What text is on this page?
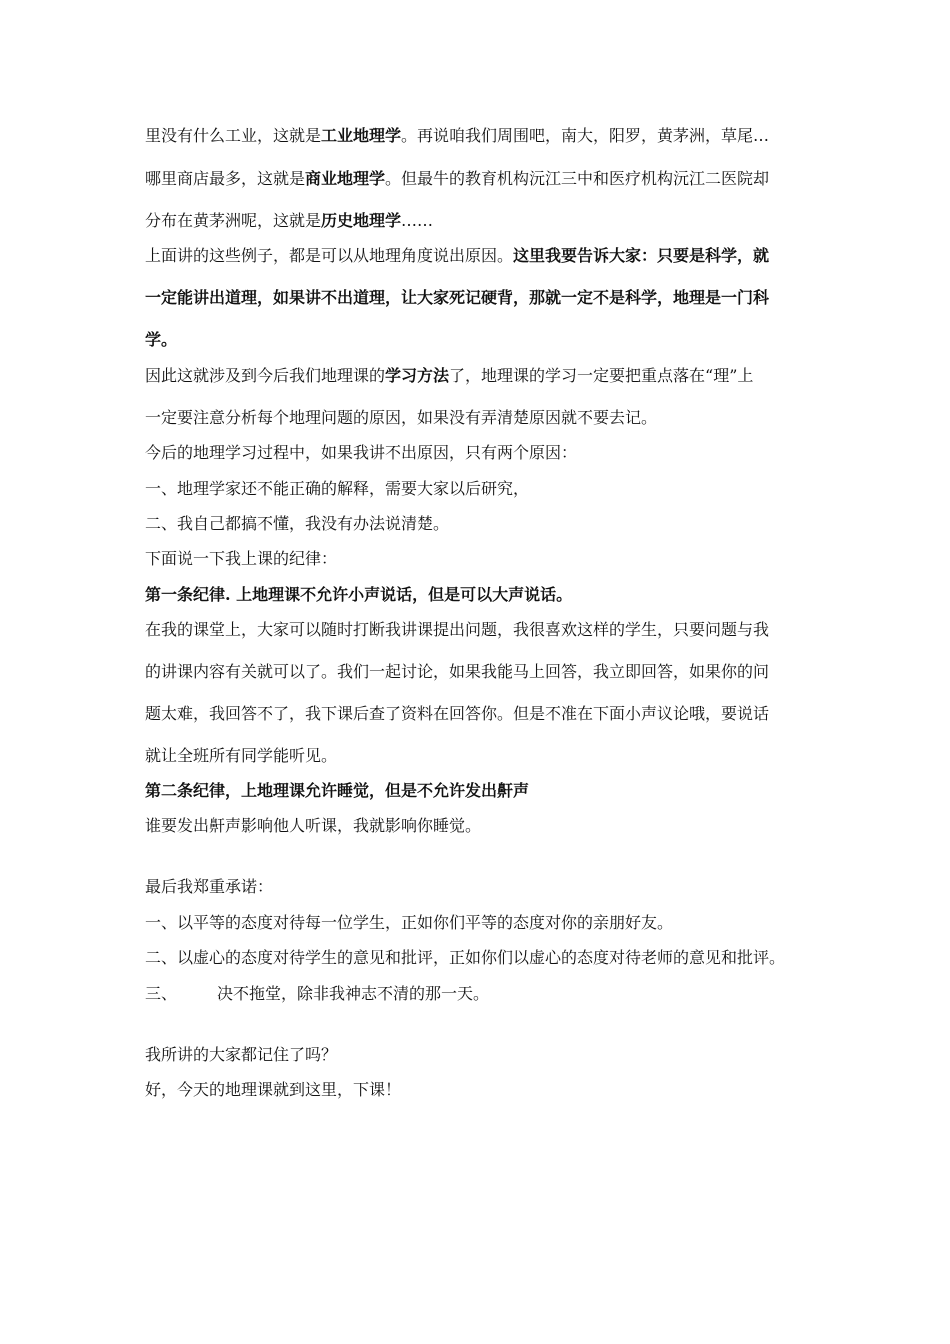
里没有什么工业，这就是工业地理学。再说咱我们周围吧，南大，阳罗，黄茅洲，草尾…
哪里商店最多，这就是商业地理学。但最牛的教育机构沅江三中和医疗机构沅江二医院却
分布在黄茅洲呢，这就是历史地理学……
上面讲的这些例子，都是可以从地理角度说出原因。这里我要告诉大家：只要是科学，就
一定能讲出道理，如果讲不出道理，让大家死记硬背，那就一定不是科学，地理是一门科
学。
因此这就涉及到今后我们地理课的学习方法了，地理课的学习一定要把重点落在“理”上
一定要注意分析每个地理问题的原因，如果没有弄清楚原因就不要去记。
今后的地理学习过程中，如果我讲不出原因，只有两个原因：
一、地理学家还不能正确的解释，需要大家以后研究，
二、我自己都搞不懂，我没有办法说清楚。
下面说一下我上课的纪律：
第一条纪律. 上地理课不允许小声说话，但是可以大声说话。
在我的课堂上，大家可以随时打断我讲课提出问题，我很喜欢这样的学生，只要问题与我
的讲课内容有关就可以了。我们一起讨论，如果我能马上回答，我立即回答，如果你的问
题太难，我回答不了，我下课后查了资料在回答你。但是不准在下面小声议论哦，要说话
就让全班所有同学能听见。
第二条纪律，上地理课允许睡觉，但是不允许发出鼾声
谁要发出鼾声影响他人听课，我就影响你睡觉。
最后我郑重承诺：
一、以平等的态度对待每一位学生，正如你们平等的态度对你的亲朋好友。
二、以虚心的态度对待学生的意见和批评，正如你们以虚心的态度对待老师的意见和批评。
三、	决不拖堂，除非我神志不清的那一天。
我所讲的大家都记住了吗？
好，今天的地理课就到这里，下课！
